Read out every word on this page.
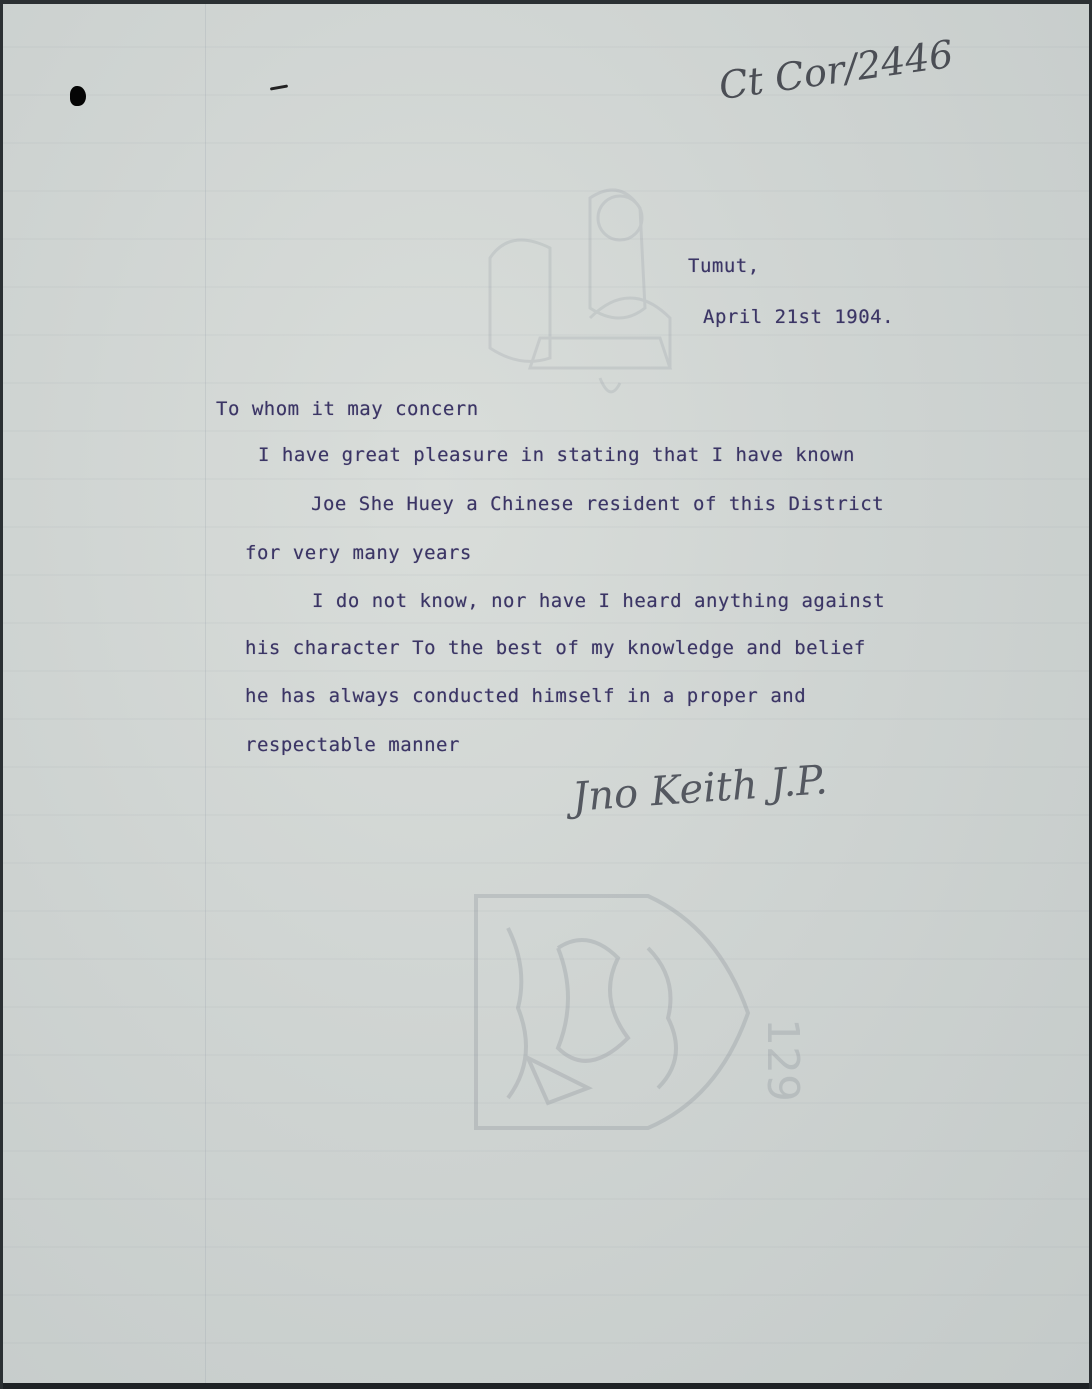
129
Ct Cor/2446
Tumut,
April 21st 1904.
To whom it may concern
I have great pleasure in stating that I have known
Joe She Huey a Chinese resident of this District
for very many years
I do not know, nor have I heard anything against
his character To the best of my knowledge and belief
he has always conducted himself in a proper and
respectable manner
Jno Keith J.P.
